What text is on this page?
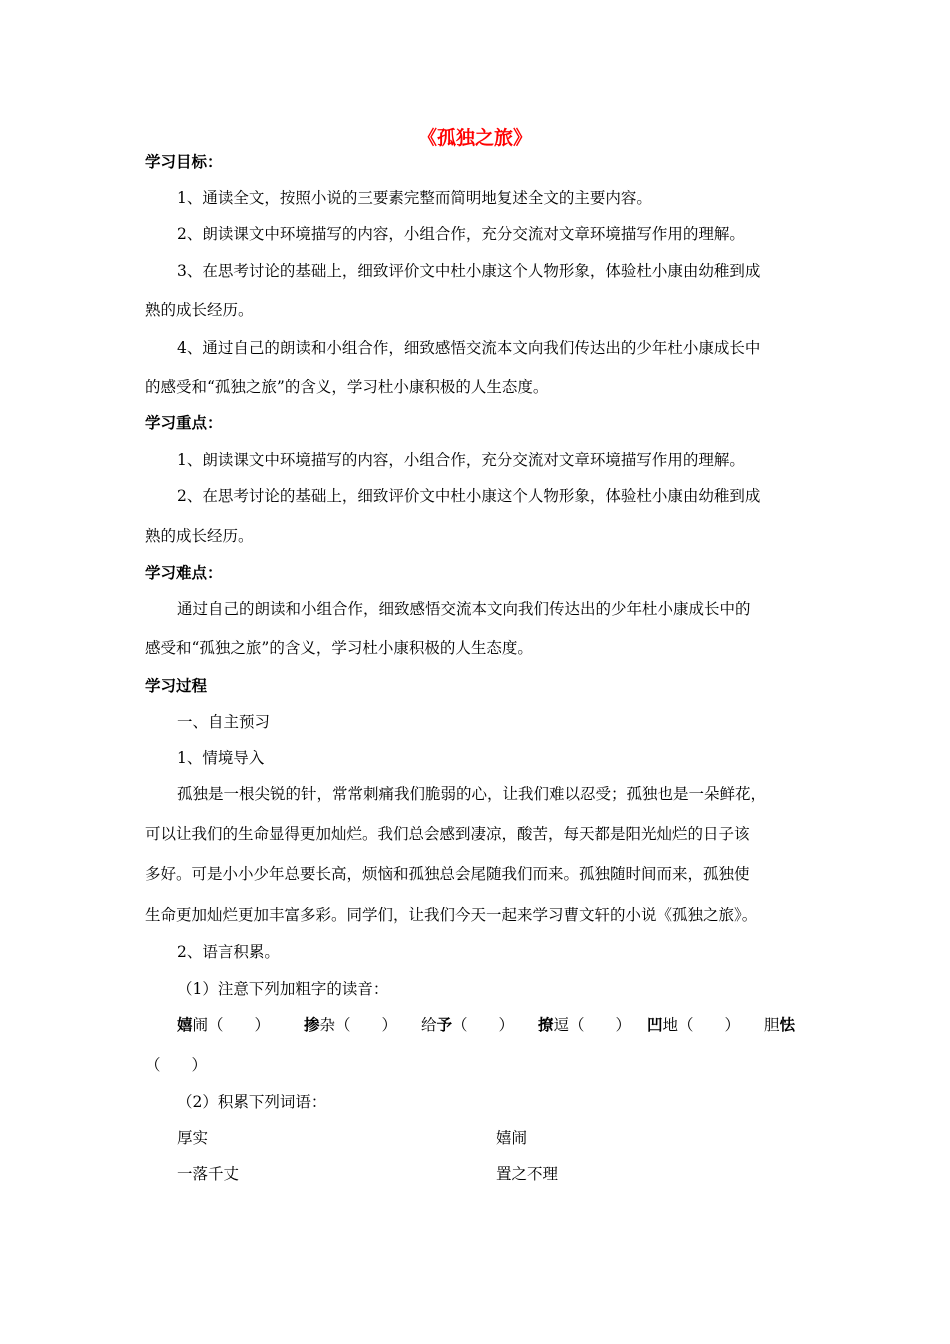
《孤独之旅》
学习目标：
1、通读全文，按照小说的三要素完整而简明地复述全文的主要内容。
2、朗读课文中环境描写的内容，小组合作，充分交流对文章环境描写作用的理解。
3、在思考讨论的基础上，细致评价文中杜小康这个人物形象，体验杜小康由幼稚到成
熟的成长经历。
4、通过自己的朗读和小组合作，细致感悟交流本文向我们传达出的少年杜小康成长中
的感受和“孤独之旅”的含义，学习杜小康积极的人生态度。
学习重点：
1、朗读课文中环境描写的内容，小组合作，充分交流对文章环境描写作用的理解。
2、在思考讨论的基础上，细致评价文中杜小康这个人物形象，体验杜小康由幼稚到成
熟的成长经历。
学习难点：
通过自己的朗读和小组合作，细致感悟交流本文向我们传达出的少年杜小康成长中的
感受和“孤独之旅”的含义，学习杜小康积极的人生态度。
学习过程
一、自主预习
1、情境导入
孤独是一根尖锐的针，常常刺痛我们脆弱的心，让我们难以忍受；孤独也是一朵鲜花，
可以让我们的生命显得更加灿烂。我们总会感到凄凉，酸苦，每天都是阳光灿烂的日子该
多好。可是小小少年总要长高，烦恼和孤独总会尾随我们而来。孤独随时间而来，孤独使
生命更加灿烂更加丰富多彩。同学们，让我们今天一起来学习曹文轩的小说《孤独之旅》。
2、语言积累。
（1）注意下列加粗字的读音：
嬉闹（　　） 掺杂（　　） 给予（　　） 撩逗（　　） 凹地（　　） 胆怯
（　　）
（2）积累下列词语：
厚实	嬉闹
一落千丈	置之不理
